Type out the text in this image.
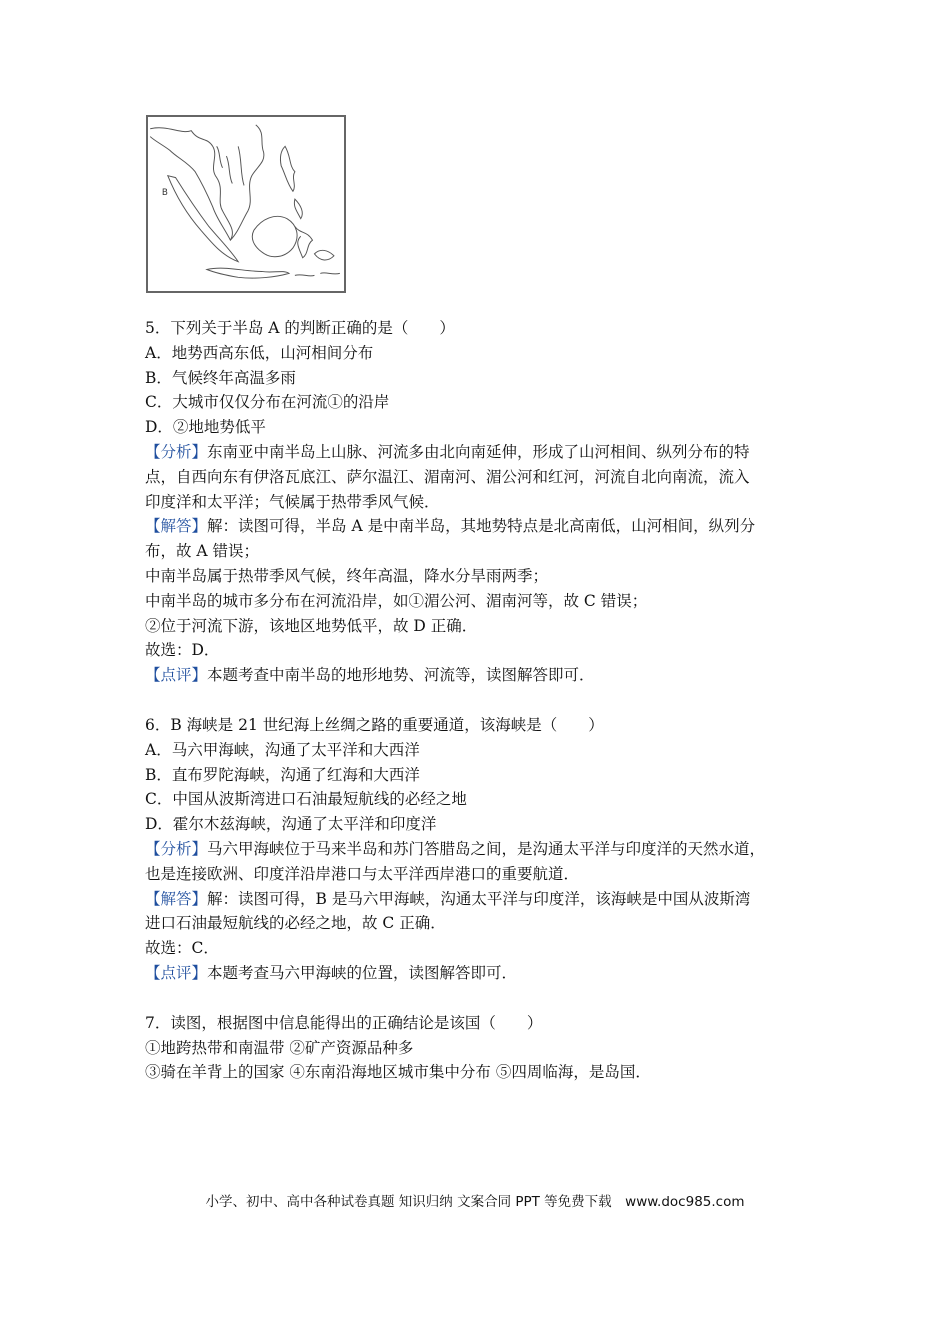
B
5．下列关于半岛 A 的判断正确的是（　　）
A．地势西高东低，山河相间分布
B．气候终年高温多雨
C．大城市仅仅分布在河流①的沿岸
D．②地地势低平
【分析】东南亚中南半岛上山脉、河流多由北向南延伸，形成了山河相间、纵列分布的特
点，自西向东有伊洛瓦底江、萨尔温江、湄南河、湄公河和红河，河流自北向南流，流入
印度洋和太平洋；气候属于热带季风气候．
【解答】解：读图可得，半岛 A 是中南半岛，其地势特点是北高南低，山河相间，纵列分
布，故 A 错误；
中南半岛属于热带季风气候，终年高温，降水分旱雨两季；
中南半岛的城市多分布在河流沿岸，如①湄公河、湄南河等，故 C 错误；
②位于河流下游，该地区地势低平，故 D 正确．
故选：D．
【点评】本题考查中南半岛的地形地势、河流等，读图解答即可．
6．B 海峡是 21 世纪海上丝绸之路的重要通道，该海峡是（　　）
A．马六甲海峡，沟通了太平洋和大西洋
B．直布罗陀海峡，沟通了红海和大西洋
C．中国从波斯湾进口石油最短航线的必经之地
D．霍尔木兹海峡，沟通了太平洋和印度洋
【分析】马六甲海峡位于马来半岛和苏门答腊岛之间，是沟通太平洋与印度洋的天然水道，
也是连接欧洲、印度洋沿岸港口与太平洋西岸港口的重要航道．
【解答】解：读图可得，B 是马六甲海峡，沟通太平洋与印度洋，该海峡是中国从波斯湾
进口石油最短航线的必经之地，故 C 正确．
故选：C．
【点评】本题考查马六甲海峡的位置，读图解答即可．
7．读图，根据图中信息能得出的正确结论是该国（　　）
①地跨热带和南温带 ②矿产资源品种多
③骑在羊背上的国家 ④东南沿海地区城市集中分布 ⑤四周临海，是岛国．
小学、初中、高中各种试卷真题 知识归纳 文案合同 PPT 等免费下载　www.doc985.com
